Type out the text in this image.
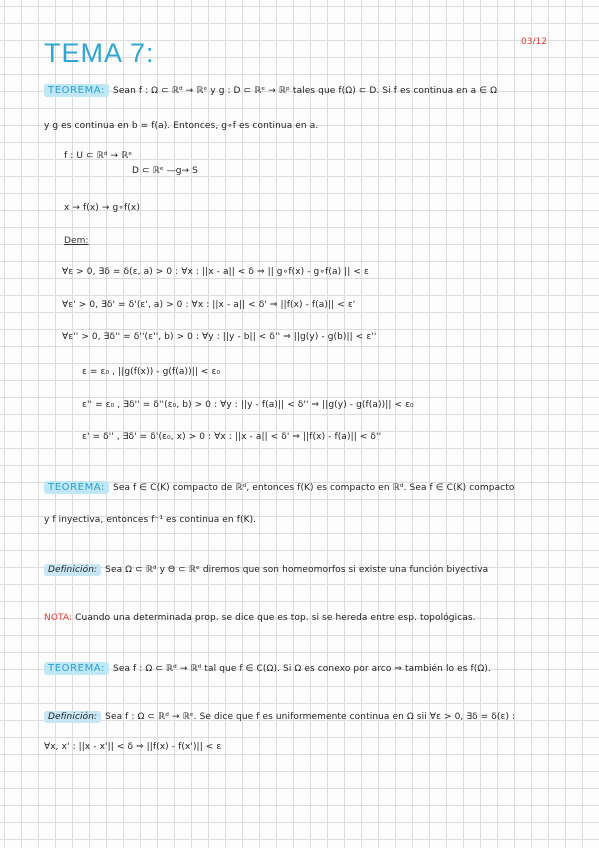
TEMA 7:	03/12
TEOREMA: Sean f : Ω ⊂ ℝᵈ → ℝᵉ y g : D ⊂ ℝᵉ → ℝᵖ tales que f(Ω) ⊂ D. Si f es continua en a ∈ Ω
y g es continua en b = f(a). Entonces, g∘f es continua en a.
f : U ⊂ ℝᵈ → ℝᵉ
D ⊂ ℝᵉ —g→ S
x → f(x) → g∘f(x)
Dem:
∀ε > 0, ∃δ = δ(ε, a) > 0 : ∀x : ||x - a|| < δ ⇒ || g∘f(x) - g∘f(a) || < ε
∀ε' > 0, ∃δ' = δ'(ε', a) > 0 : ∀x : ||x - a|| < δ' ⇒ ||f(x) - f(a)|| < ε'
∀ε'' > 0, ∃δ'' = δ''(ε'', b) > 0 : ∀y : ||y - b|| < δ'' ⇒ ||g(y) - g(b)|| < ε''
ε = ε₀ , ||g(f(x)) - g(f(a))|| < ε₀
ε'' = ε₀ , ∃δ'' = δ''(ε₀, b) > 0 : ∀y : ||y - f(a)|| < δ'' ⇒ ||g(y) - g(f(a))|| < ε₀
ε' = δ'' , ∃δ' = δ'(ε₀, x) > 0 : ∀x : ||x - a|| < δ' ⇒ ||f(x) - f(a)|| < δ''
TEOREMA: Sea f ∈ C(K) compacto de ℝᵈ, entonces f(K) es compacto en ℝᵈ. Sea f ∈ C(K) compacto
y f inyectiva, entonces f⁻¹ es continua en f(K).
Definición: Sea Ω ⊂ ℝᵈ y Θ ⊂ ℝᵉ diremos que son homeomorfos si existe una función biyectiva
NOTA: Cuando una determinada prop. se dice que es top. si se hereda entre esp. topológicas.
TEOREMA: Sea f : Ω ⊂ ℝᵈ → ℝᵈ tal que f ∈ C(Ω). Si Ω es conexo por arco ⇒ también lo es f(Ω).
Definición: Sea f : Ω ⊂ ℝᵈ → ℝᵉ. Se dice que f es uniformemente continua en Ω sii ∀ε > 0, ∃δ = δ(ε) :
∀x, x' : ||x - x'|| < δ ⇒ ||f(x) - f(x')|| < ε
